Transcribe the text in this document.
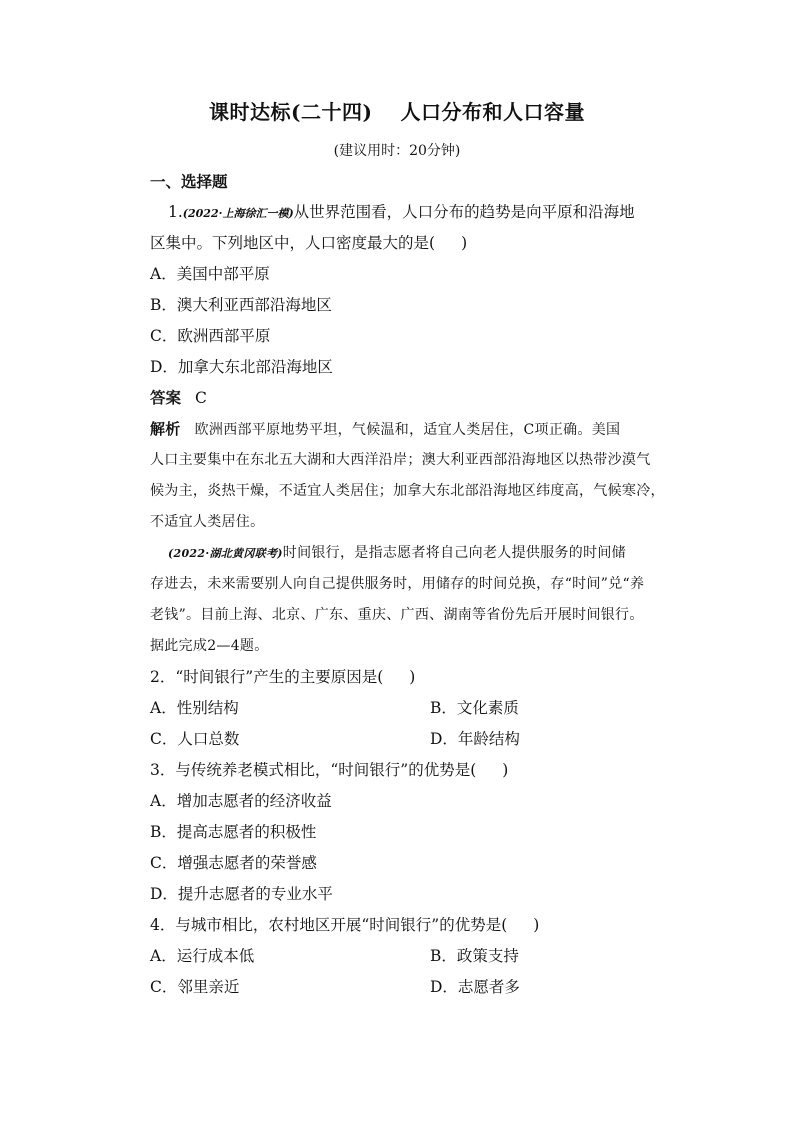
课时达标(二十四) 人口分布和人口容量
(建议用时：20分钟)
一、选择题
1.(2022·上海徐汇一模)从世界范围看，人口分布的趋势是向平原和沿海地
区集中。下列地区中，人口密度最大的是( )
A．美国中部平原
B．澳大利亚西部沿海地区
C．欧洲西部平原
D．加拿大东北部沿海地区
答案 C
解析 欧洲西部平原地势平坦，气候温和，适宜人类居住，C项正确。美国
人口主要集中在东北五大湖和大西洋沿岸；澳大利亚西部沿海地区以热带沙漠气
候为主，炎热干燥，不适宜人类居住；加拿大东北部沿海地区纬度高，气候寒冷，
不适宜人类居住。
(2022·湖北黄冈联考)时间银行，是指志愿者将自己向老人提供服务的时间储
存进去，未来需要别人向自己提供服务时，用储存的时间兑换，存“时间”兑“养
老钱”。目前上海、北京、广东、重庆、广西、湖南等省份先后开展时间银行。
据此完成2—4题。
2．“时间银行”产生的主要原因是( )
A．性别结构	B．文化素质
C．人口总数	D．年龄结构
3．与传统养老模式相比，“时间银行”的优势是( )
A．增加志愿者的经济收益
B．提高志愿者的积极性
C．增强志愿者的荣誉感
D．提升志愿者的专业水平
4．与城市相比，农村地区开展“时间银行”的优势是( )
A．运行成本低	B．政策支持
C．邻里亲近	D．志愿者多
